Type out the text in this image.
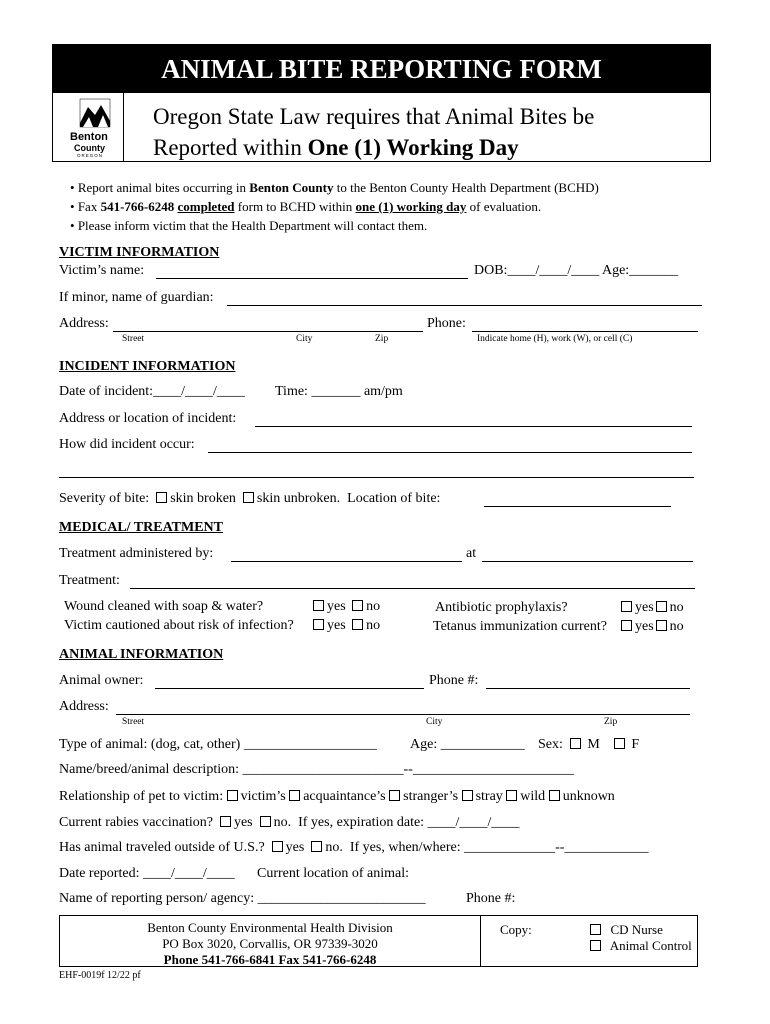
ANIMAL BITE REPORTING FORM
Benton
County
OREGON
Oregon State Law requires that Animal Bites be
Reported within One (1) Working Day
• Report animal bites occurring in Benton County to the Benton County Health Department (BCHD)
• Fax 541-766-6248 completed form to BCHD within one (1) working day of evaluation.
• Please inform victim that the Health Department will contact them.
VICTIM INFORMATION
Victim’s name:	DOB:____/____/____ Age:_______
If minor, name of guardian:
Address:	Phone:
Street	City	Zip	Indicate home (H), work (W), or cell (C)
INCIDENT INFORMATION
Date of incident:____/____/____ Time: _______ am/pm
Address or location of incident:
How did incident occur:
Severity of bite: skin broken skin unbroken. Location of bite:
MEDICAL/ TREATMENT
Treatment administered by:	at
Treatment:
Wound cleaned with soap & water?	yes no
Victim cautioned about risk of infection?	yes no
Antibiotic prophylaxis?	yes no
Tetanus immunization current?	yes no
ANIMAL INFORMATION
Animal owner:	Phone #:
Address:
Street	City	Zip
Type of animal: (dog, cat, other) ___________________ Age: ____________ Sex: M F
Name/breed/animal description: _______________________--_______________________
Relationship of pet to victim: victim’s acquaintance’s stranger’s stray wild unknown
Current rabies vaccination? yes no. If yes, expiration date: ____/____/____
Has animal traveled outside of U.S.? yes no. If yes, when/where: _____________--____________
Date reported: ____/____/____ Current location of animal:
Name of reporting person/ agency: ________________________	Phone #:
Benton County Environmental Health Division
PO Box 3020, Corvallis, OR 97339-3020
Phone 541-766-6841 Fax 541-766-6248
Copy:	CD Nurse
Animal Control
EHF-0019f 12/22 pf
